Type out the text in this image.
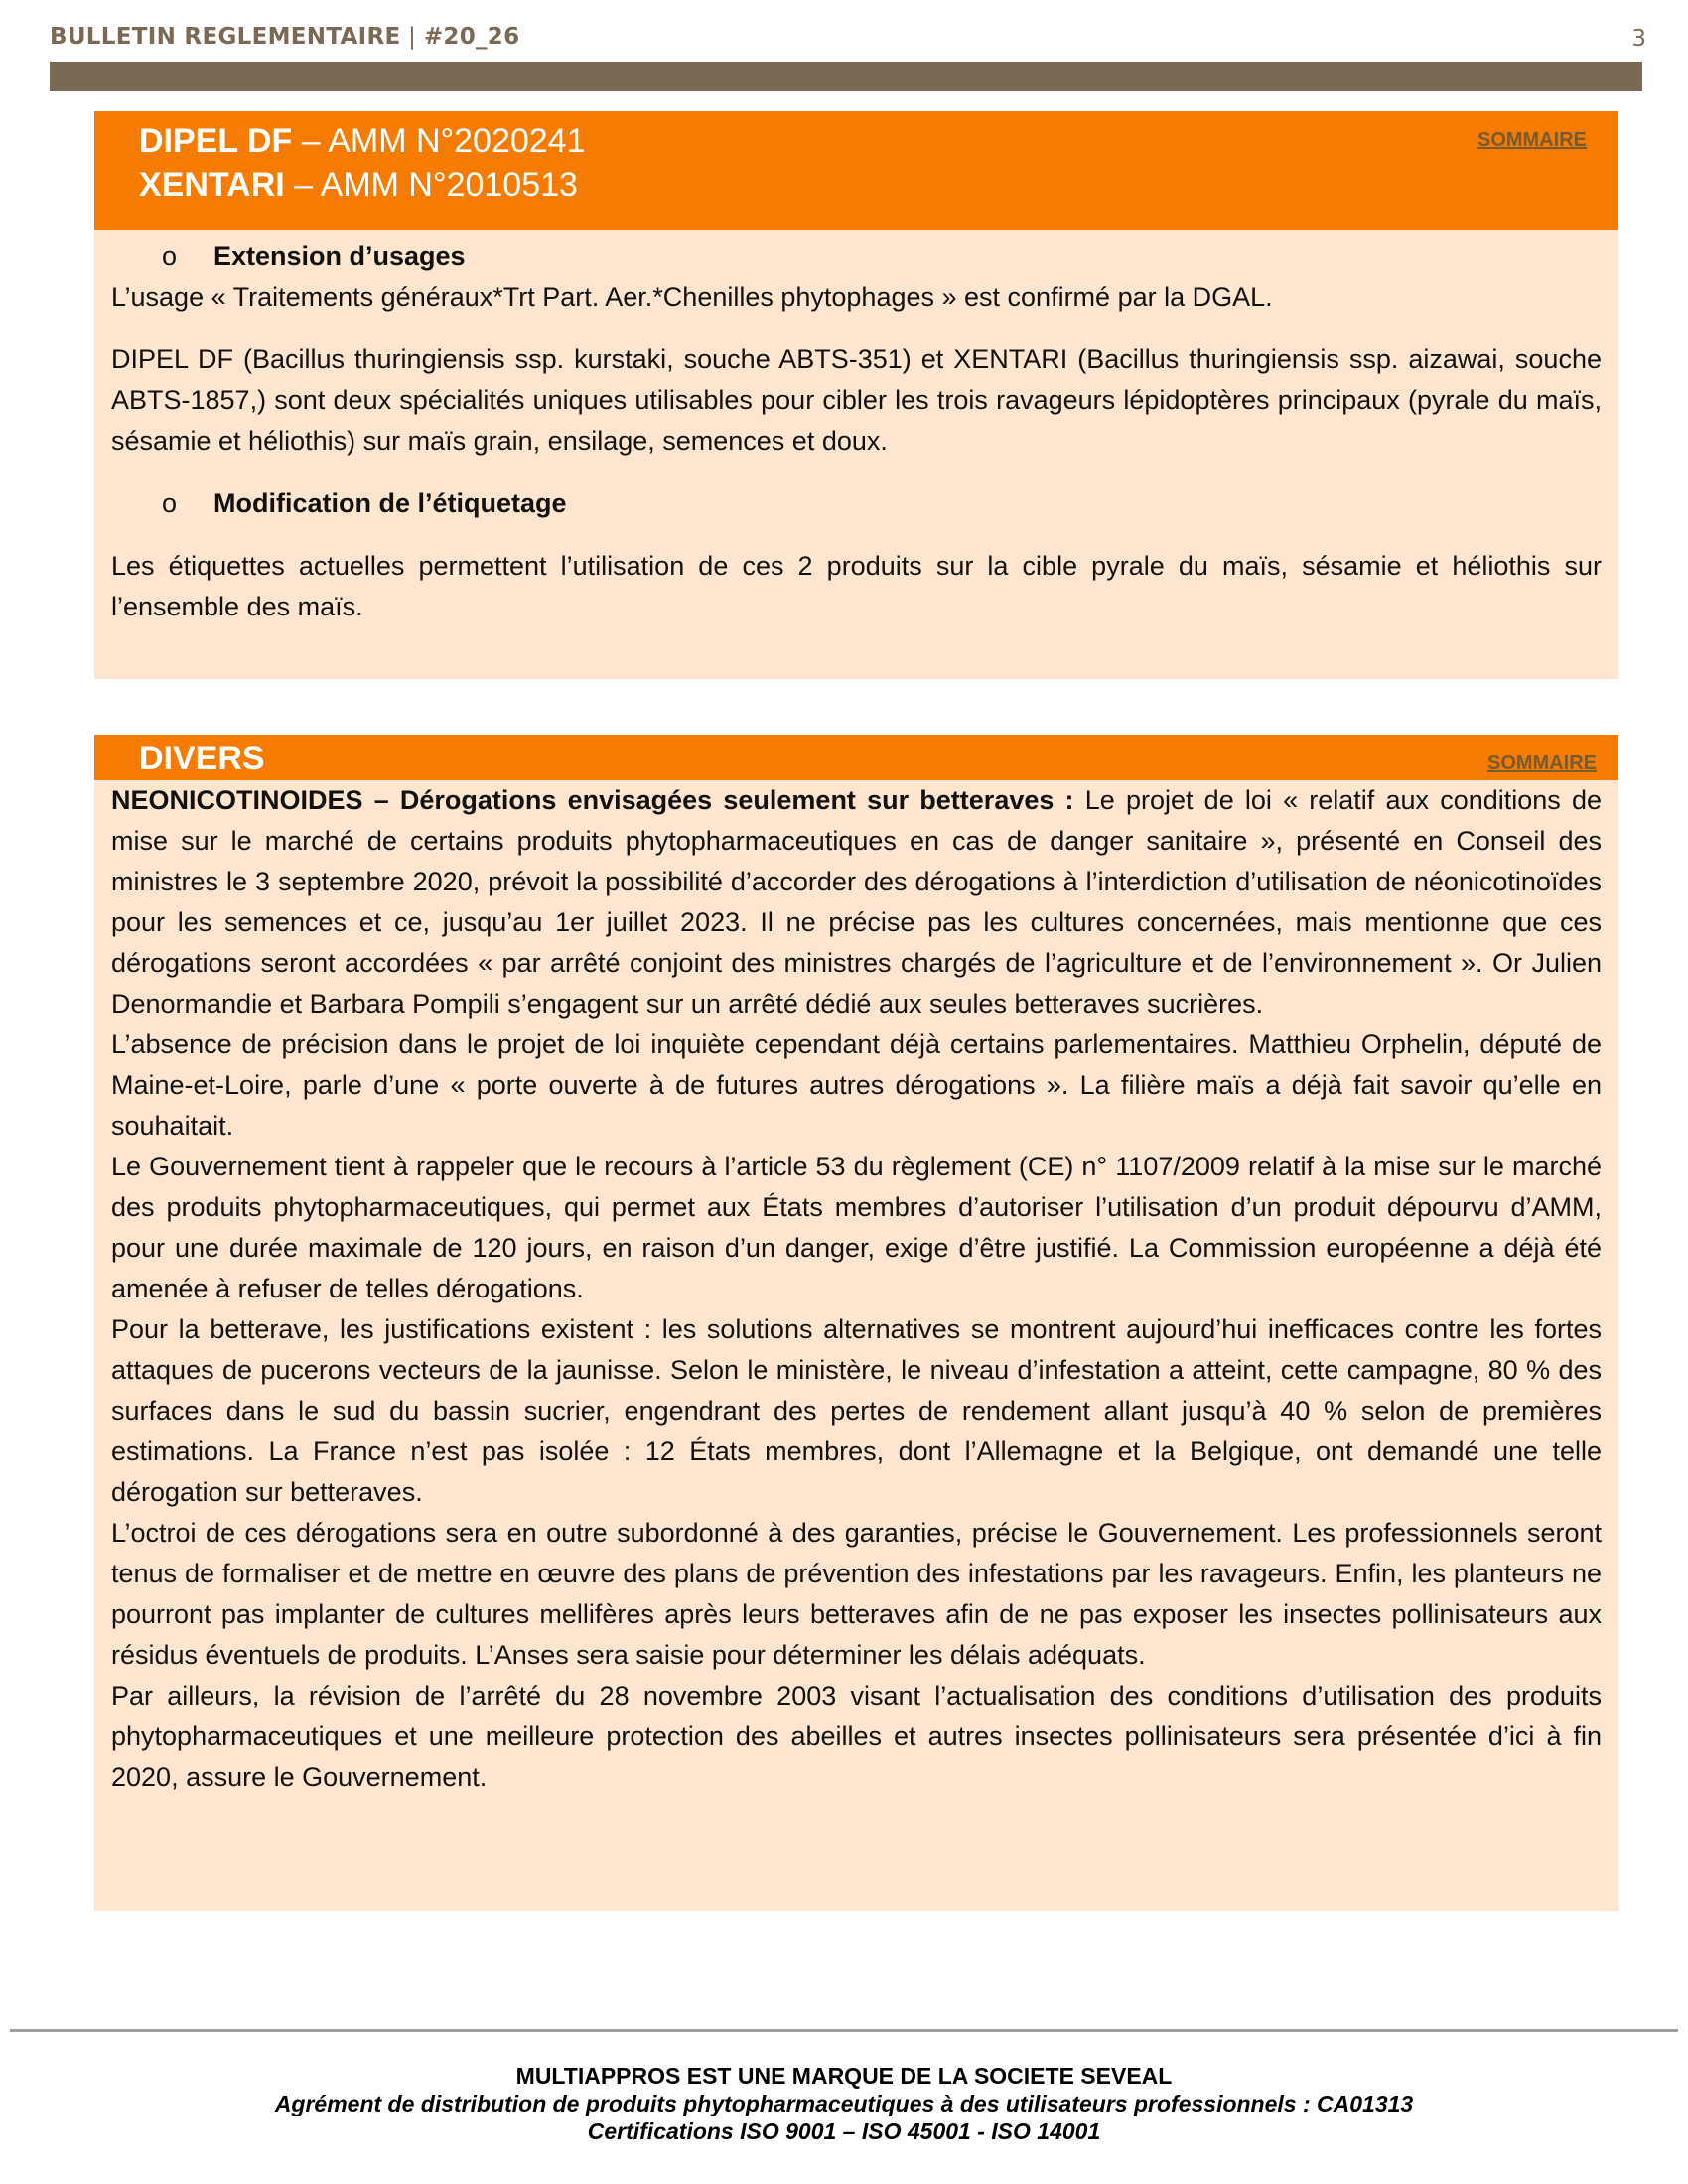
BULLETIN REGLEMENTAIRE | #20_26	3
DIPEL DF – AMM N°2020241
XENTARI – AMM N°2010513
SOMMAIRE
o Extension d’usages
L’usage « Traitements généraux*Trt Part. Aer.*Chenilles phytophages » est confirmé par la DGAL.
DIPEL DF (Bacillus thuringiensis ssp. kurstaki, souche ABTS-351) et XENTARI (Bacillus thuringiensis ssp. aizawai, souche ABTS-1857,) sont deux spécialités uniques utilisables pour cibler les trois ravageurs lépidoptères principaux (pyrale du maïs, sésamie et héliothis) sur maïs grain, ensilage, semences et doux.
o Modification de l’étiquetage
Les étiquettes actuelles permettent l’utilisation de ces 2 produits sur la cible pyrale du maïs, sésamie et héliothis sur l’ensemble des maïs.
DIVERS	SOMMAIRE
NEONICOTINOIDES – Dérogations envisagées seulement sur betteraves : Le projet de loi « relatif aux conditions de mise sur le marché de certains produits phytopharmaceutiques en cas de danger sanitaire », présenté en Conseil des ministres le 3 septembre 2020, prévoit la possibilité d’accorder des dérogations à l’interdiction d’utilisation de néonicotinoïdes pour les semences et ce, jusqu’au 1er juillet 2023. Il ne précise pas les cultures concernées, mais mentionne que ces dérogations seront accordées « par arrêté conjoint des ministres chargés de l’agriculture et de l’environnement ». Or Julien Denormandie et Barbara Pompili s’engagent sur un arrêté dédié aux seules betteraves sucrières.
L’absence de précision dans le projet de loi inquiète cependant déjà certains parlementaires. Matthieu Orphelin, député de Maine-et-Loire, parle d’une « porte ouverte à de futures autres dérogations ». La filière maïs a déjà fait savoir qu’elle en souhaitait.
Le Gouvernement tient à rappeler que le recours à l’article 53 du règlement (CE) n° 1107/2009 relatif à la mise sur le marché des produits phytopharmaceutiques, qui permet aux États membres d’autoriser l’utilisation d’un produit dépourvu d’AMM, pour une durée maximale de 120 jours, en raison d’un danger, exige d’être justifié. La Commission européenne a déjà été amenée à refuser de telles dérogations.
Pour la betterave, les justifications existent : les solutions alternatives se montrent aujourd’hui inefficaces contre les fortes attaques de pucerons vecteurs de la jaunisse. Selon le ministère, le niveau d’infestation a atteint, cette campagne, 80 % des surfaces dans le sud du bassin sucrier, engendrant des pertes de rendement allant jusqu’à 40 % selon de premières estimations. La France n’est pas isolée : 12 États membres, dont l’Allemagne et la Belgique, ont demandé une telle dérogation sur betteraves.
L’octroi de ces dérogations sera en outre subordonné à des garanties, précise le Gouvernement. Les professionnels seront tenus de formaliser et de mettre en œuvre des plans de prévention des infestations par les ravageurs. Enfin, les planteurs ne pourront pas implanter de cultures mellifères après leurs betteraves afin de ne pas exposer les insectes pollinisateurs aux résidus éventuels de produits. L’Anses sera saisie pour déterminer les délais adéquats.
Par ailleurs, la révision de l’arrêté du 28 novembre 2003 visant l’actualisation des conditions d’utilisation des produits phytopharmaceutiques et une meilleure protection des abeilles et autres insectes pollinisateurs sera présentée d’ici à fin 2020, assure le Gouvernement.
MULTIAPPROS EST UNE MARQUE DE LA SOCIETE SEVEAL
Agrément de distribution de produits phytopharmaceutiques à des utilisateurs professionnels : CA01313
Certifications ISO 9001 – ISO 45001 - ISO 14001
